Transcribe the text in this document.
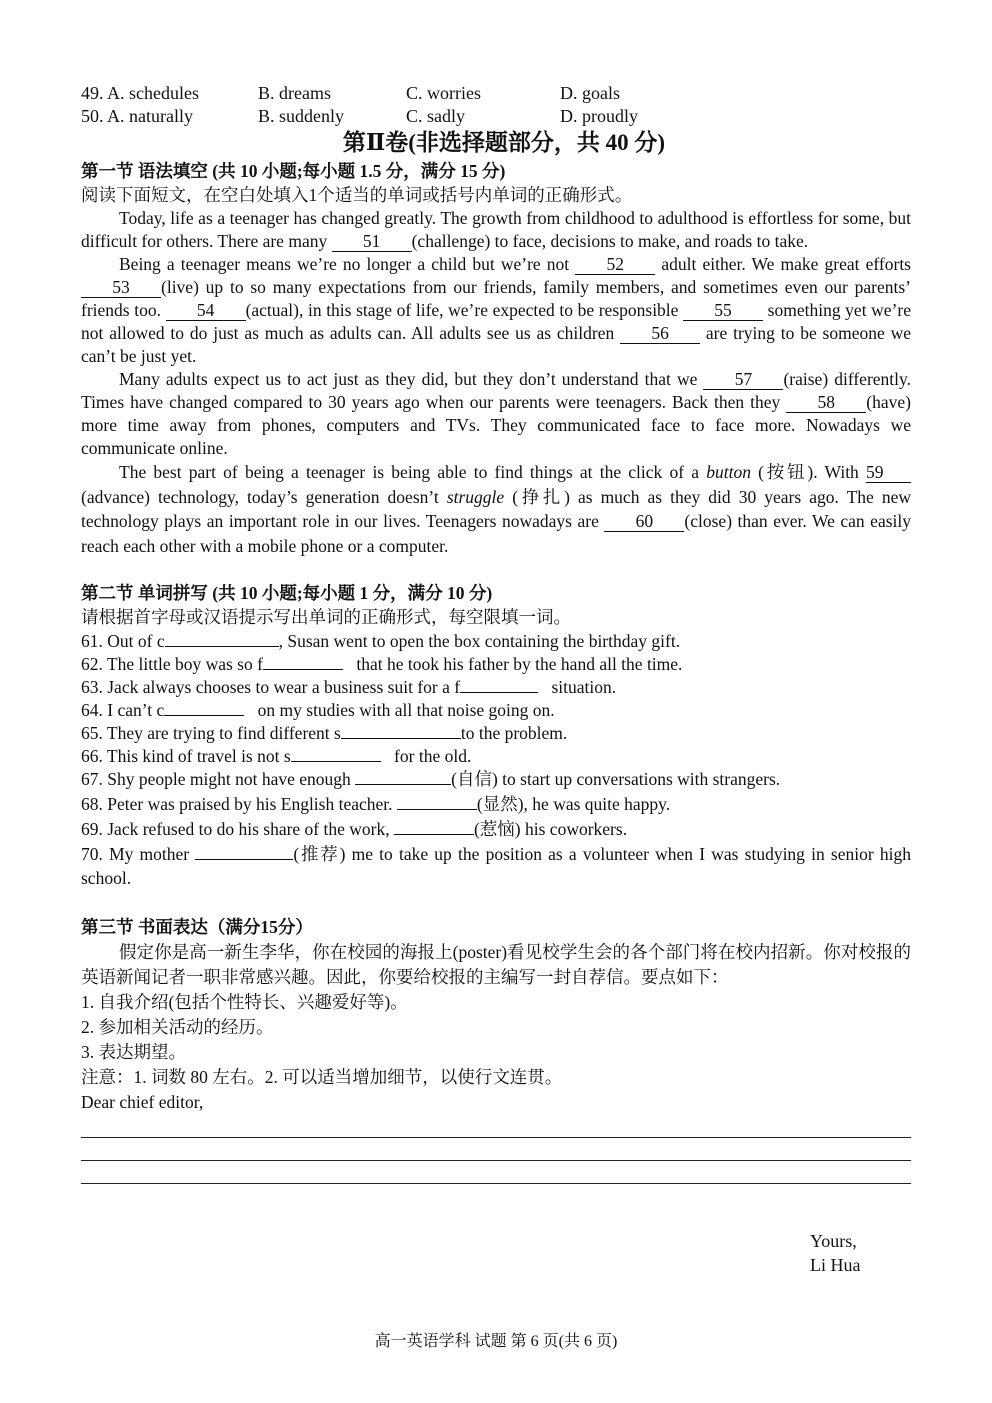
49. A. schedules	B. dreams	C. worries	D. goals
50. A. naturally	B. suddenly	C. sadly	D. proudly
第Ⅱ卷(非选择题部分，共 40 分)
第一节 语法填空 (共 10 小题;每小题 1.5 分，满分 15 分)
阅读下面短文，在空白处填入1个适当的单词或括号内单词的正确形式。

Today, life as a teenager has changed greatly. The growth from childhood to adulthood is effortless for some, but difficult for others. There are many 51 (challenge) to face, decisions to make, and roads to take.

Being a teenager means we’re no longer a child but we’re not 52 adult either. We make great efforts 53 (live) up to so many expectations from our friends, family members, and sometimes even our parents’ friends too. 54 (actual), in this stage of life, we’re expected to be responsible 55 something yet we’re not allowed to do just as much as adults can. All adults see us as children 56 are trying to be someone we can’t be just yet.

Many adults expect us to act just as they did, but they don’t understand that we 57 (raise) differently. Times have changed compared to 30 years ago when our parents were teenagers. Back then they 58 (have) more time away from phones, computers and TVs. They communicated face to face more. Nowadays we communicate online.

The best part of being a teenager is being able to find things at the click of a button (按钮). With 59(advance) technology, today’s generation doesn’t struggle (挣扎) as much as they did 30 years ago. The new technology plays an important role in our lives. Teenagers nowadays are 60 (close) than ever. We can easily reach each other with a mobile phone or a computer.

第二节 单词拼写 (共 10 小题;每小题 1 分，满分 10 分)
请根据首字母或汉语提示写出单词的正确形式，每空限填一词。
61. Out of c	, Susan went to open the box containing the birthday gift.
62. The little boy was so f	that he took his father by the hand all the time.
63. Jack always chooses to wear a business suit for a f	situation.
64. I can’t c	on my studies with all that noise going on.
65. They are trying to find different s	to the problem.
66. This kind of travel is not s	for the old.
67. Shy people might not have enough	(自信) to start up conversations with strangers.
68. Peter was praised by his English teacher.	(显然), he was quite happy.
69. Jack refused to do his share of the work,	(惹恼) his coworkers.

70. My mother	(推荐) me to take up the position as a volunteer when I was studying in senior high school.

第三节 书面表达（满分15分）

假定你是高一新生李华，你在校园的海报上(poster)看见校学生会的各个部门将在校内招新。你对校报的英语新闻记者一职非常感兴趣。因此，你要给校报的主编写一封自荐信。要点如下：

1. 自我介绍(包括个性特长、兴趣爱好等)。
2. 参加相关活动的经历。
3. 表达期望。
注意：1. 词数 80 左右。2. 可以适当增加细节，以使行文连贯。
Dear chief editor,
Yours,
Li Hua
高一英语学科 试题 第 6 页(共 6 页)
